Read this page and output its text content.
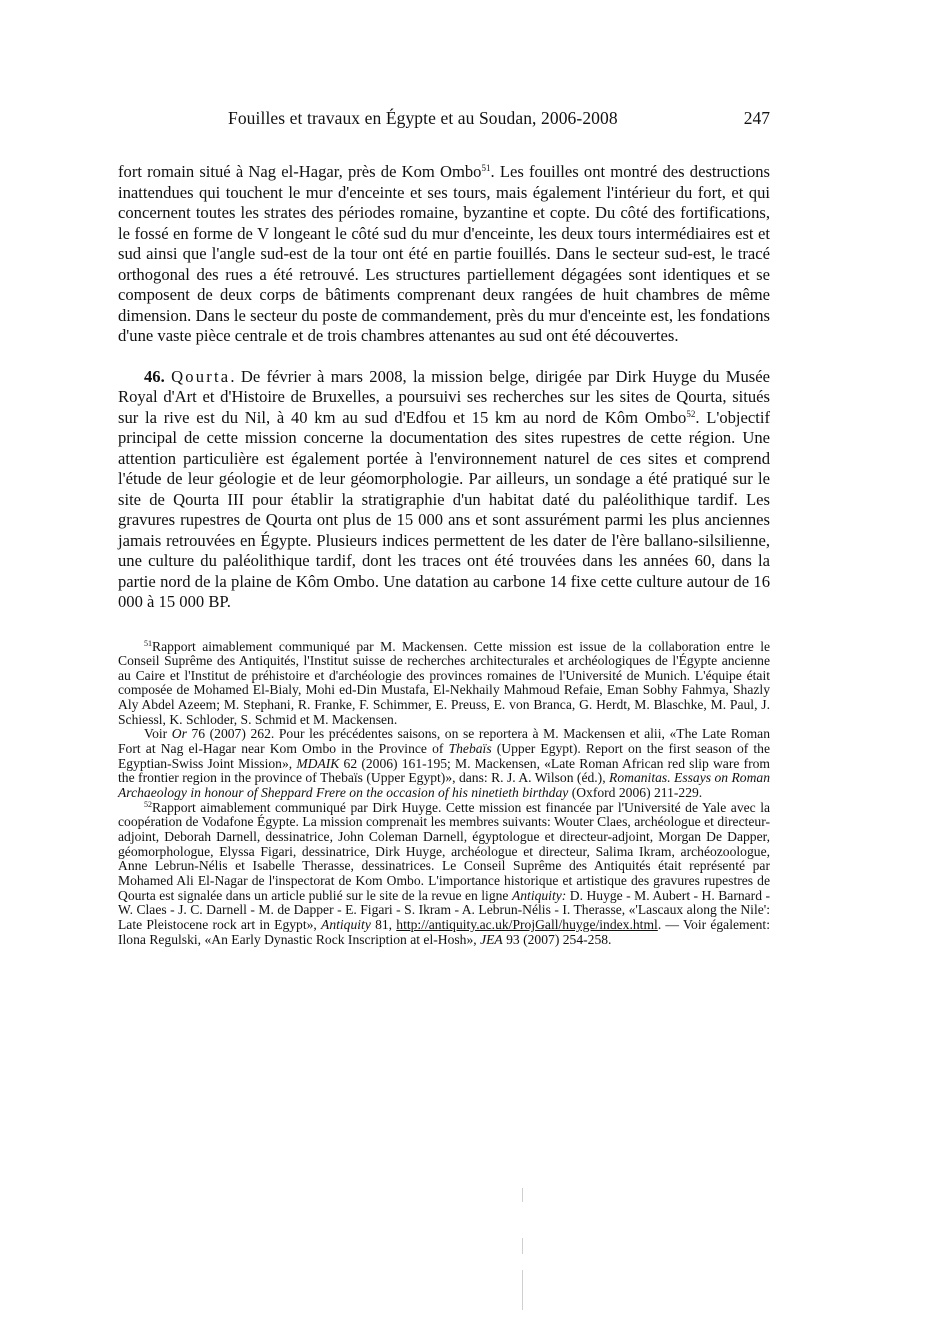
Fouilles et travaux en Égypte et au Soudan, 2006-2008	247

fort romain situé à Nag el-Hagar, près de Kom Ombo$^{51}$. Les fouilles ont montré des destructions inattendues qui touchent le mur d'enceinte et ses tours, mais également l'intérieur du fort, et qui concernent toutes les strates des périodes romaine, byzantine et copte. Du côté des fortifications, le fossé en forme de V longeant le côté sud du mur d'enceinte, les deux tours intermédiaires est et sud ainsi que l'angle sud-est de la tour ont été en partie fouillés. Dans le secteur sud-est, le tracé orthogonal des rues a été retrouvé. Les structures partiellement dégagées sont identiques et se composent de deux corps de bâtiments comprenant deux rangées de huit chambres de même dimension. Dans le secteur du poste de commandement, près du mur d'enceinte est, les fondations d'une vaste pièce centrale et de trois chambres attenantes au sud ont été découvertes.

46. Qourta. De février à mars 2008, la mission belge, dirigée par Dirk Huyge du Musée Royal d'Art et d'Histoire de Bruxelles, a poursuivi ses recherches sur les sites de Qourta, situés sur la rive est du Nil, à 40 km au sud d'Edfou et 15 km au nord de Kôm Ombo$^{52}$. L'objectif principal de cette mission concerne la documentation des sites rupestres de cette région. Une attention particulière est également portée à l'environnement naturel de ces sites et comprend l'étude de leur géologie et de leur géomorphologie. Par ailleurs, un sondage a été pratiqué sur le site de Qourta III pour établir la stratigraphie d'un habitat daté du paléolithique tardif. Les gravures rupestres de Qourta ont plus de 15 000 ans et sont assurément parmi les plus anciennes jamais retrouvées en Égypte. Plusieurs indices permettent de les dater de l'ère ballano-silsilienne, une culture du paléolithique tardif, dont les traces ont été trouvées dans les années 60, dans la partie nord de la plaine de Kôm Ombo. Une datation au carbone 14 fixe cette culture autour de 16 000 à 15 000 BP.

$^{51}$Rapport aimablement communiqué par M. Mackensen. Cette mission est issue de la collaboration entre le Conseil Suprême des Antiquités, l'Institut suisse de recherches architecturales et archéologiques de l'Égypte ancienne au Caire et l'Institut de préhistoire et d'archéologie des provinces romaines de l'Université de Munich. L'équipe était composée de Mohamed El-Bialy, Mohi ed-Din Mustafa, El-Nekhaily Mahmoud Refaie, Eman Sobhy Fahmya, Shazly Aly Abdel Azeem; M. Stephani, R. Franke, F. Schimmer, E. Preuss, E. von Branca, G. Herdt, M. Blaschke, M. Paul, J. Schiessl, K. Schloder, S. Schmid et M. Mackensen.

Voir Or 76 (2007) 262. Pour les précédentes saisons, on se reportera à M. Mackensen et alii, «The Late Roman Fort at Nag el-Hagar near Kom Ombo in the Province of Thebaïs (Upper Egypt). Report on the first season of the Egyptian-Swiss Joint Mission», MDAIK 62 (2006) 161-195; M. Mackensen, «Late Roman African red slip ware from the frontier region in the province of Thebaïs (Upper Egypt)», dans: R. J. A. Wilson (éd.), Romanitas. Essays on Roman Archaeology in honour of Sheppard Frere on the occasion of his ninetieth birthday (Oxford 2006) 211-229.

$^{52}$Rapport aimablement communiqué par Dirk Huyge. Cette mission est financée par l'Université de Yale avec la coopération de Vodafone Égypte. La mission comprenait les membres suivants: Wouter Claes, archéologue et directeur-adjoint, Deborah Darnell, dessinatrice, John Coleman Darnell, égyptologue et directeur-adjoint, Morgan De Dapper, géomorphologue, Elyssa Figari, dessinatrice, Dirk Huyge, archéologue et directeur, Salima Ikram, archéozoologue, Anne Lebrun-Nélis et Isabelle Therasse, dessinatrices. Le Conseil Suprême des Antiquités était représenté par Mohamed Ali El-Nagar de l'inspectorat de Kom Ombo. L'importance historique et artistique des gravures rupestres de Qourta est signalée dans un article publié sur le site de la revue en ligne Antiquity: D. Huyge - M. Aubert - H. Barnard - W. Claes - J. C. Darnell - M. de Dapper - E. Figari - S. Ikram - A. Lebrun-Nélis - I. Therasse, «'Lascaux along the Nile': Late Pleistocene rock art in Egypt», Antiquity 81, http://antiquity.ac.uk/ProjGall/huyge/index.html. — Voir également: Ilona Regulski, «An Early Dynastic Rock Inscription at el-Hosh», JEA 93 (2007) 254-258.
